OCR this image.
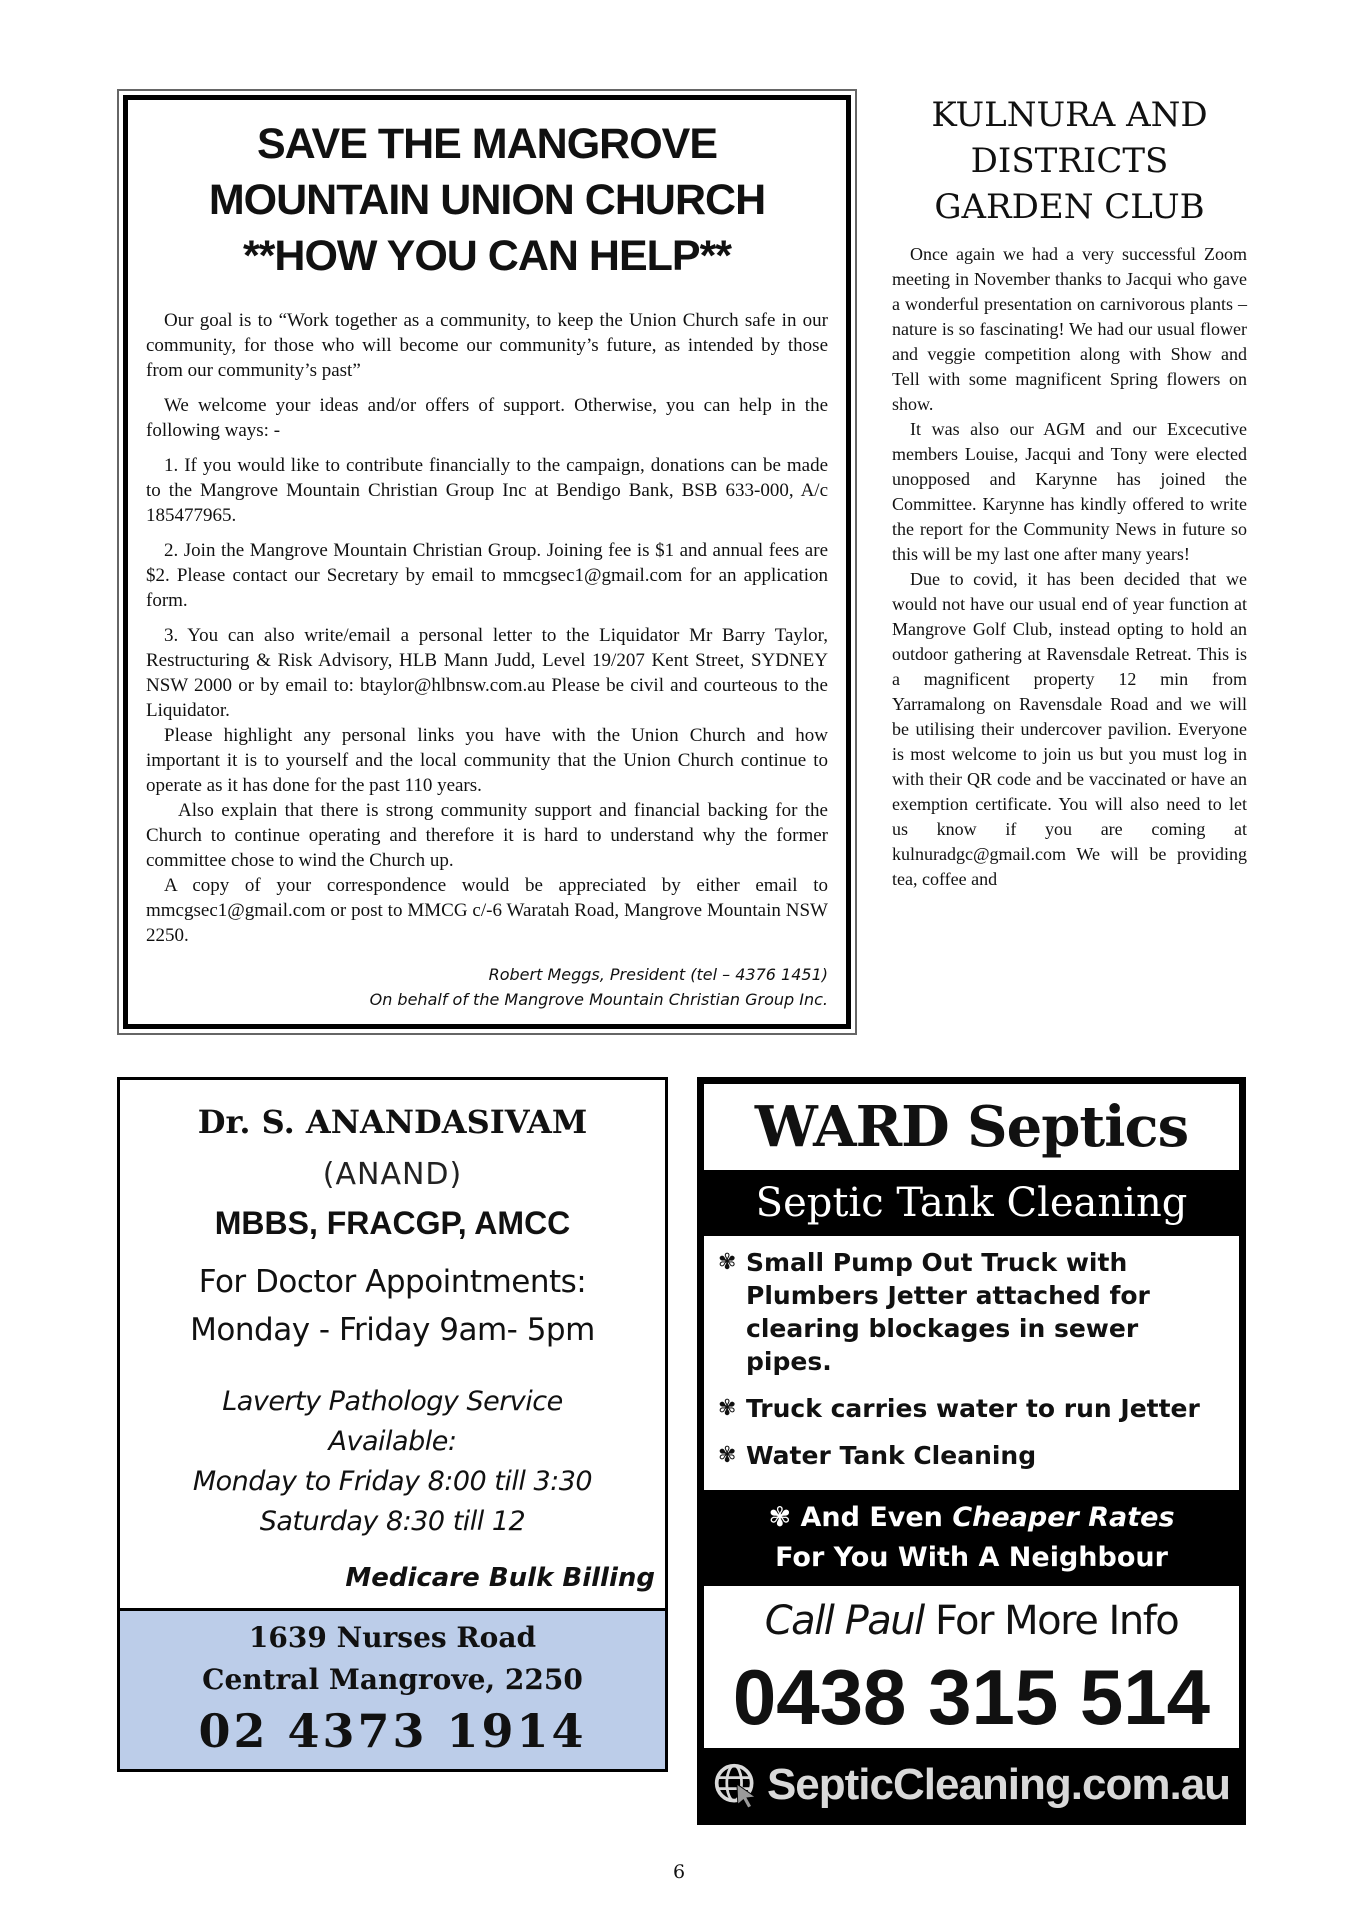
SAVE THE MANGROVE
MOUNTAIN UNION CHURCH
**HOW YOU CAN HELP**

Our goal is to “Work together as a community, to keep the Union Church safe in our community, for those who will become our community’s future, as intended by those from our community’s past”

We welcome your ideas and/or offers of support. Otherwise, you can help in the following ways: -

1. If you would like to contribute financially to the campaign, donations can be made to the Mangrove Mountain Christian Group Inc at Bendigo Bank, BSB 633-000, A/c 185477965.

2. Join the Mangrove Mountain Christian Group. Joining fee is $1 and annual fees are $2. Please contact our Secretary by email to mmcgsec1@gmail.com for an application form.

3. You can also write/email a personal letter to the Liquidator Mr Barry Taylor, Restructuring & Risk Advisory, HLB Mann Judd, Level 19/207 Kent Street, SYDNEY NSW 2000 or by email to: btaylor@hlbnsw.com.au Please be civil and courteous to the Liquidator.

Please highlight any personal links you have with the Union Church and how important it is to yourself and the local community that the Union Church continue to operate as it has done for the past 110 years.

Also explain that there is strong community support and financial backing for the Church to continue operating and therefore it is hard to understand why the former committee chose to wind the Church up.

A copy of your correspondence would be appreciated by either email to mmcgsec1@gmail.com or post to MMCG c/-6 Waratah Road, Mangrove Mountain NSW 2250.

Robert Meggs, President (tel – 4376 1451)
On behalf of the Mangrove Mountain Christian Group Inc.
KULNURA AND
DISTRICTS
GARDEN CLUB

Once again we had a very successful Zoom meeting in November thanks to Jacqui who gave a wonderful presentation on carnivorous plants – nature is so fascinating! We had our usual flower and veggie competition along with Show and Tell with some magnificent Spring flowers on show.

It was also our AGM and our Excecutive members Louise, Jacqui and Tony were elected unopposed and Karynne has joined the Committee. Karynne has kindly offered to write the report for the Community News in future so this will be my last one after many years!

Due to covid, it has been decided that we would not have our usual end of year function at Mangrove Golf Club, instead opting to hold an outdoor gathering at Ravensdale Retreat. This is a magnificent property 12 min from Yarramalong on Ravensdale Road and we will be utilising their undercover pavilion. Everyone is most welcome to join us but you must log in with their QR code and be vaccinated or have an exemption certificate. You will also need to let us know if you are coming at kulnuradgc@gmail.com We will be providing tea, coffee and

Dr. S. ANANDASIVAM
(ANAND)
MBBS, FRACGP, AMCC
For Doctor Appointments:
Monday - Friday 9am- 5pm
Laverty Pathology Service
Available:
Monday to Friday 8:00 till 3:30
Saturday 8:30 till 12
Medicare Bulk Billing
1639 Nurses Road
Central Mangrove, 2250
02 4373 1914
WARD Septics
Septic Tank Cleaning
✾ Small Pump Out Truck with Plumbers Jetter attached for clearing blockages in sewer pipes.
✾ Truck carries water to run Jetter
✾ Water Tank Cleaning
✾ And Even Cheaper Rates
For You With A Neighbour
Call Paul For More Info
0438 315 514
SepticCleaning.com.au
6
